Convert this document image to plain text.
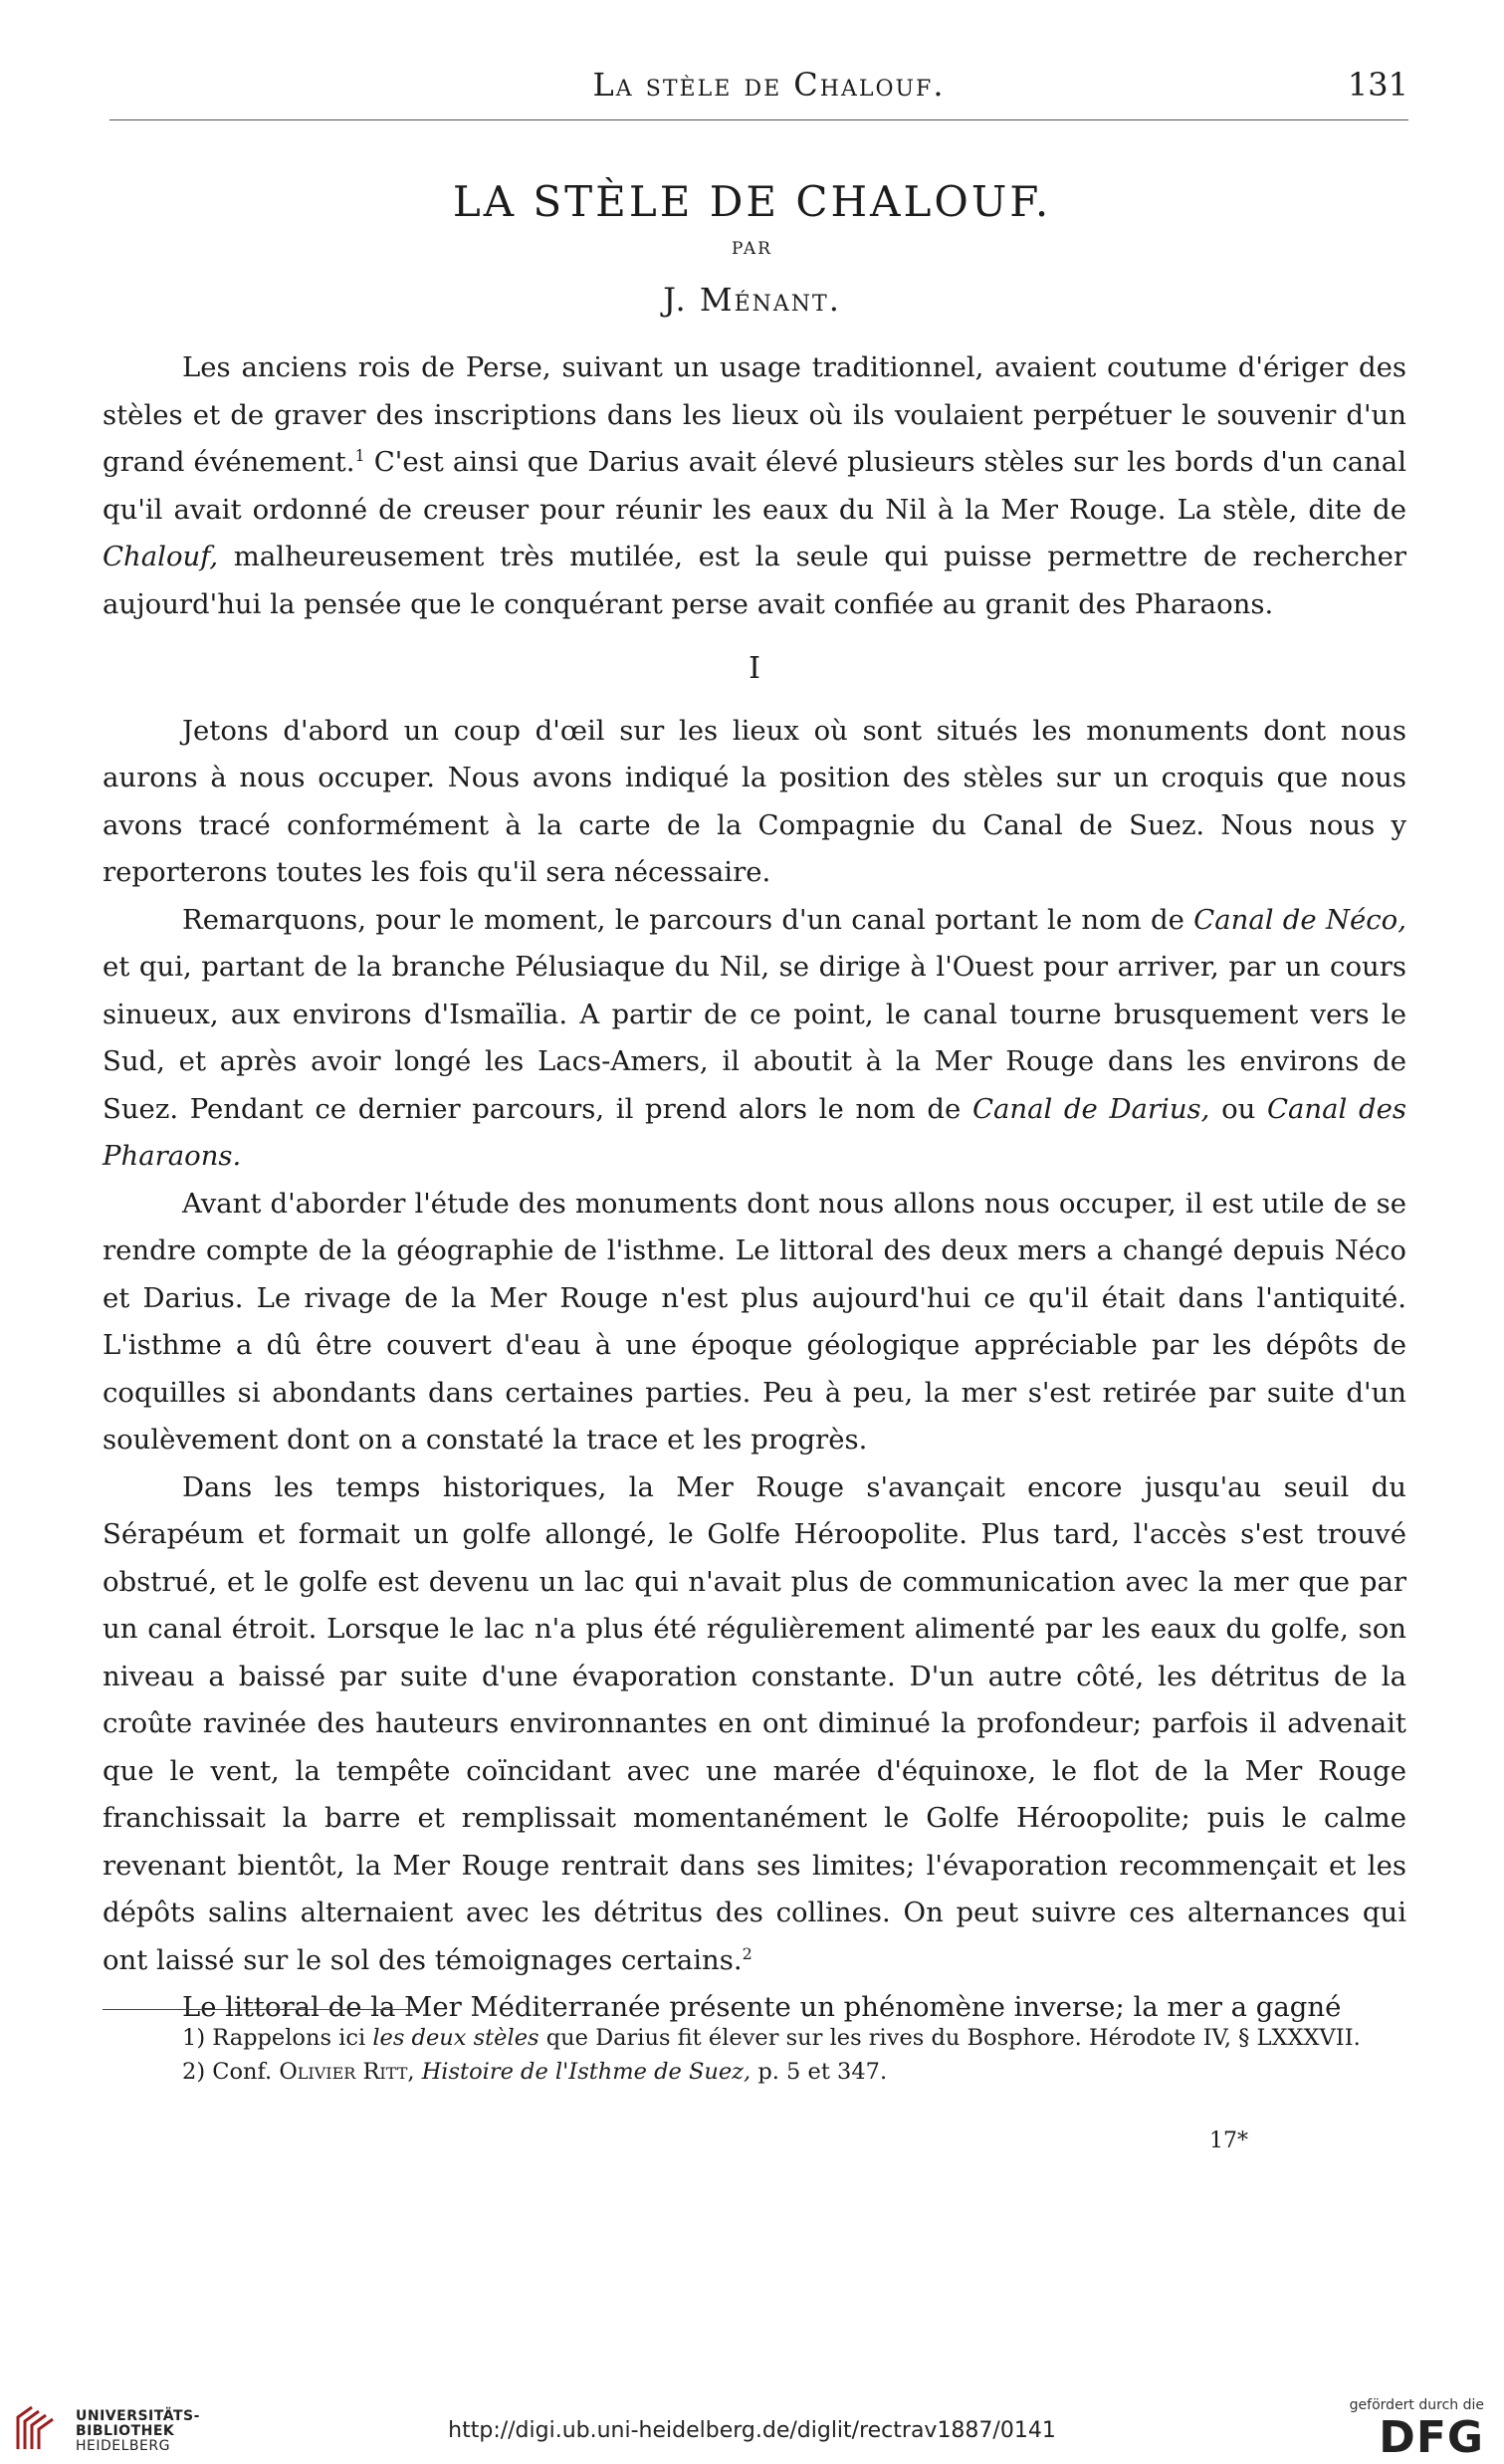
La stèle de Chalouf.	131
LA STÈLE DE CHALOUF.
PAR
J. Ménant.

Les anciens rois de Perse, suivant un usage traditionnel, avaient coutume d'ériger des stèles et de graver des inscriptions dans les lieux où ils voulaient perpétuer le souvenir d'un grand événement.$^1$ C'est ainsi que Darius avait élevé plusieurs stèles sur les bords d'un canal qu'il avait ordonné de creuser pour réunir les eaux du Nil à la Mer Rouge. La stèle, dite de Chalouf, malheureusement très mutilée, est la seule qui puisse permettre de rechercher aujourd'hui la pensée que le conquérant perse avait confiée au granit des Pharaons.

I

Jetons d'abord un coup d'œil sur les lieux où sont situés les monuments dont nous aurons à nous occuper. Nous avons indiqué la position des stèles sur un croquis que nous avons tracé conformément à la carte de la Compagnie du Canal de Suez. Nous nous y reporterons toutes les fois qu'il sera nécessaire.

Remarquons, pour le moment, le parcours d'un canal portant le nom de Canal de Néco, et qui, partant de la branche Pélusiaque du Nil, se dirige à l'Ouest pour arriver, par un cours sinueux, aux environs d'Ismaïlia. A partir de ce point, le canal tourne brusquement vers le Sud, et après avoir longé les Lacs-Amers, il aboutit à la Mer Rouge dans les environs de Suez. Pendant ce dernier parcours, il prend alors le nom de Canal de Darius, ou Canal des Pharaons.

Avant d'aborder l'étude des monuments dont nous allons nous occuper, il est utile de se rendre compte de la géographie de l'isthme. Le littoral des deux mers a changé depuis Néco et Darius. Le rivage de la Mer Rouge n'est plus aujourd'hui ce qu'il était dans l'antiquité. L'isthme a dû être couvert d'eau à une époque géologique appréciable par les dépôts de coquilles si abondants dans certaines parties. Peu à peu, la mer s'est retirée par suite d'un soulèvement dont on a constaté la trace et les progrès.

Dans les temps historiques, la Mer Rouge s'avançait encore jusqu'au seuil du Sérapéum et formait un golfe allongé, le Golfe Héroopolite. Plus tard, l'accès s'est trouvé obstrué, et le golfe est devenu un lac qui n'avait plus de communication avec la mer que par un canal étroit. Lorsque le lac n'a plus été régulièrement alimenté par les eaux du golfe, son niveau a baissé par suite d'une évaporation constante. D'un autre côté, les détritus de la croûte ravinée des hauteurs environnantes en ont diminué la profondeur; parfois il advenait que le vent, la tempête coïncidant avec une marée d'équinoxe, le flot de la Mer Rouge franchissait la barre et remplissait momentanément le Golfe Héroopolite; puis le calme revenant bientôt, la Mer Rouge rentrait dans ses limites; l'évaporation recommençait et les dépôts salins alternaient avec les détritus des collines. On peut suivre ces alternances qui ont laissé sur le sol des témoignages certains.$^2$

Le littoral de la Mer Méditerranée présente un phénomène inverse; la mer a gagné

1) Rappelons ici les deux stèles que Darius fit élever sur les rives du Bosphore. Hérodote IV, § LXXXVII.

2) Conf. Olivier Ritt, Histoire de l'Isthme de Suez, p. 5 et 347.

17*
UNIVERSITÄTS-
BIBLIOTHEK
HEIDELBERG
http://digi.ub.uni-heidelberg.de/diglit/rectrav1887/0141
gefördert durch die
DFG
